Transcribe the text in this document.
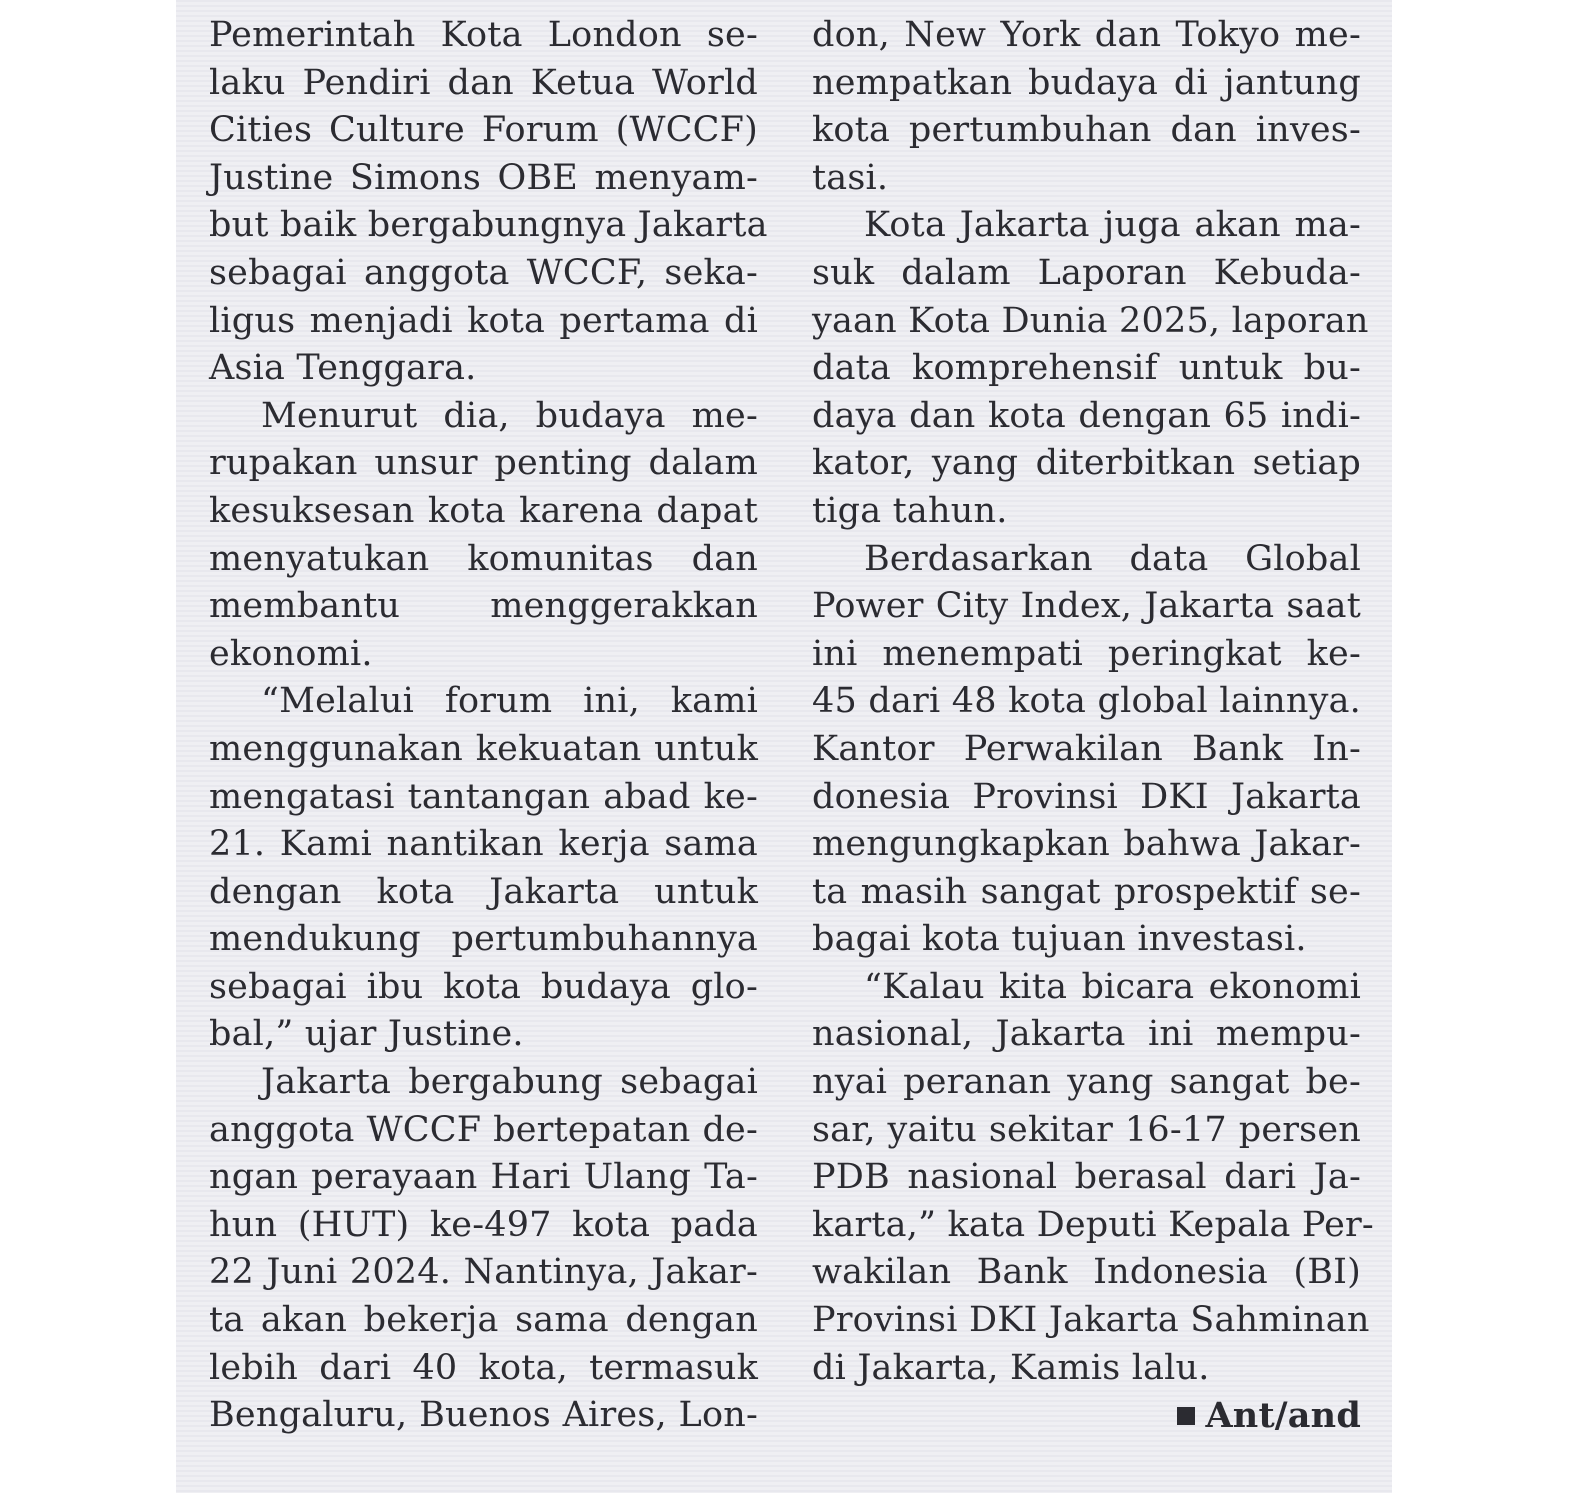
Pemerintah Kota London se-
laku Pendiri dan Ketua World
Cities Culture Forum (WCCF)
Justine Simons OBE menyam-
but baik bergabungnya Jakarta
sebagai anggota WCCF, seka-
ligus menjadi kota pertama di
Asia Tenggara.
Menurut dia, budaya me-
rupakan unsur penting dalam
kesuksesan kota karena dapat
menyatukan komunitas dan
membantu menggerakkan
ekonomi.
“Melalui forum ini, kami
menggunakan kekuatan untuk
mengatasi tantangan abad ke-
21. Kami nantikan kerja sama
dengan kota Jakarta untuk
mendukung pertumbuhannya
sebagai ibu kota budaya glo-
bal,” ujar Justine.
Jakarta bergabung sebagai
anggota WCCF bertepatan de-
ngan perayaan Hari Ulang Ta-
hun (HUT) ke-497 kota pada
22 Juni 2024. Nantinya, Jakar-
ta akan bekerja sama dengan
lebih dari 40 kota, termasuk
Bengaluru, Buenos Aires, Lon-
don, New York dan Tokyo me-
nempatkan budaya di jantung
kota pertumbuhan dan inves-
tasi.
Kota Jakarta juga akan ma-
suk dalam Laporan Kebuda-
yaan Kota Dunia 2025, laporan
data komprehensif untuk bu-
daya dan kota dengan 65 indi-
kator, yang diterbitkan setiap
tiga tahun.
Berdasarkan data Global
Power City Index, Jakarta saat
ini menempati peringkat ke-
45 dari 48 kota global lainnya.
Kantor Perwakilan Bank In-
donesia Provinsi DKI Jakarta
mengungkapkan bahwa Jakar-
ta masih sangat prospektif se-
bagai kota tujuan investasi.
“Kalau kita bicara ekonomi
nasional, Jakarta ini mempu-
nyai peranan yang sangat be-
sar, yaitu sekitar 16-17 persen
PDB nasional berasal dari Ja-
karta,” kata Deputi Kepala Per-
wakilan Bank Indonesia (BI)
Provinsi DKI Jakarta Sahminan
di Jakarta, Kamis lalu.
Ant/and
